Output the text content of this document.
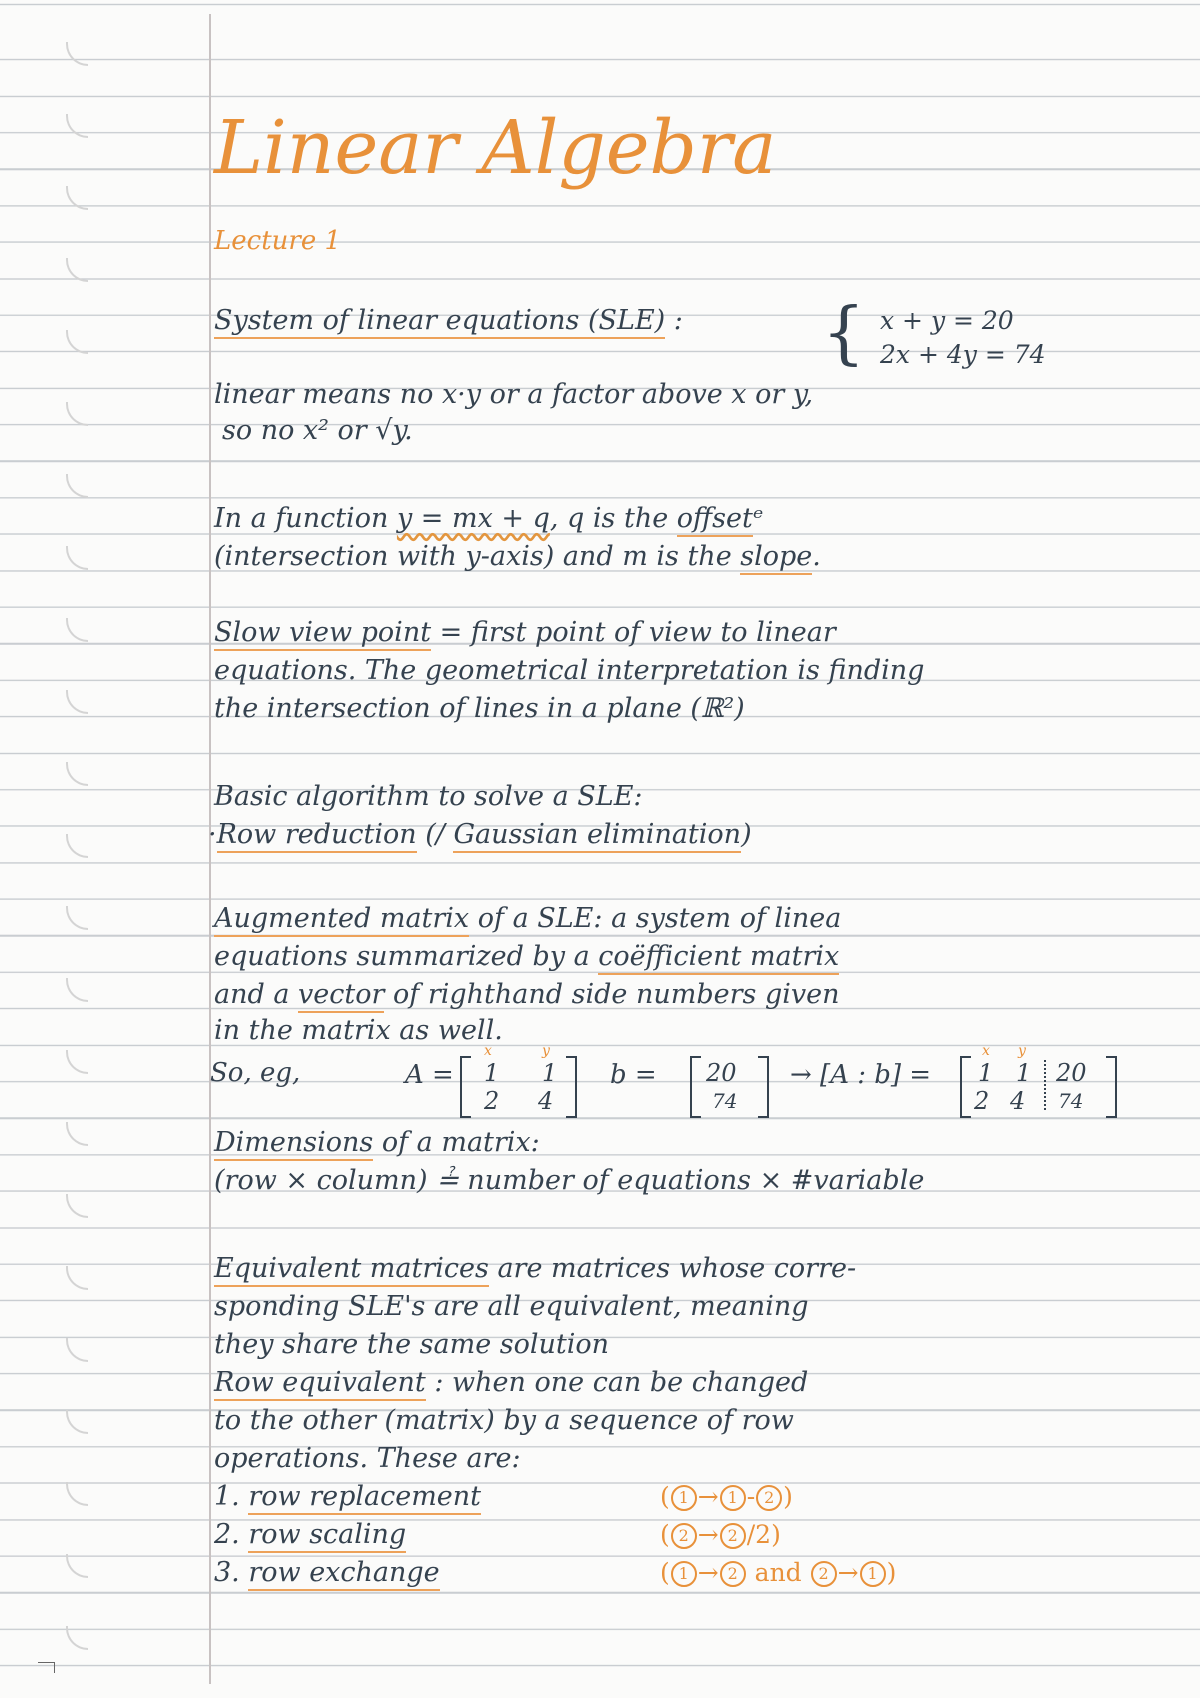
Linear Algebra
Lecture 1
System of linear equations (SLE) : { x + y = 20
2x + 4y = 74
linear means no x·y or a factor above x or y,
so no x² or √y.
In a function y = mx + q, q is the offsetᵉ
(intersection with y-axis) and m is the slope.
Slow view point = first point of view to linear
equations. The geometrical interpretation is finding
the intersection of lines in a plane (ℝ²)
Basic algorithm to solve a SLE:
·Row reduction (/ Gaussian elimination)
Augmented matrix of a SLE: a system of linea
equations summarized by a coëfficient matrix
and a vector of righthand side numbers given
in the matrix as well.
So, eg,	A = 1 1
2 4
x	y
b = 20
74
→ [A : b] = 1 1 20
2 4 74
x y
Dimensions of a matrix:
(row × column) ≟ number of equations × #variable
Equivalent matrices are matrices whose corre-
sponding SLE's are all equivalent, meaning
they share the same solution
Row equivalent : when one can be changed
to the other (matrix) by a sequence of row
operations. These are:
1. row replacement	( 1 → 1 - 2 )
2. row scaling	( 2 → 2 /2)
3. row exchange	( 1 → 2 and 2 → 1 )
